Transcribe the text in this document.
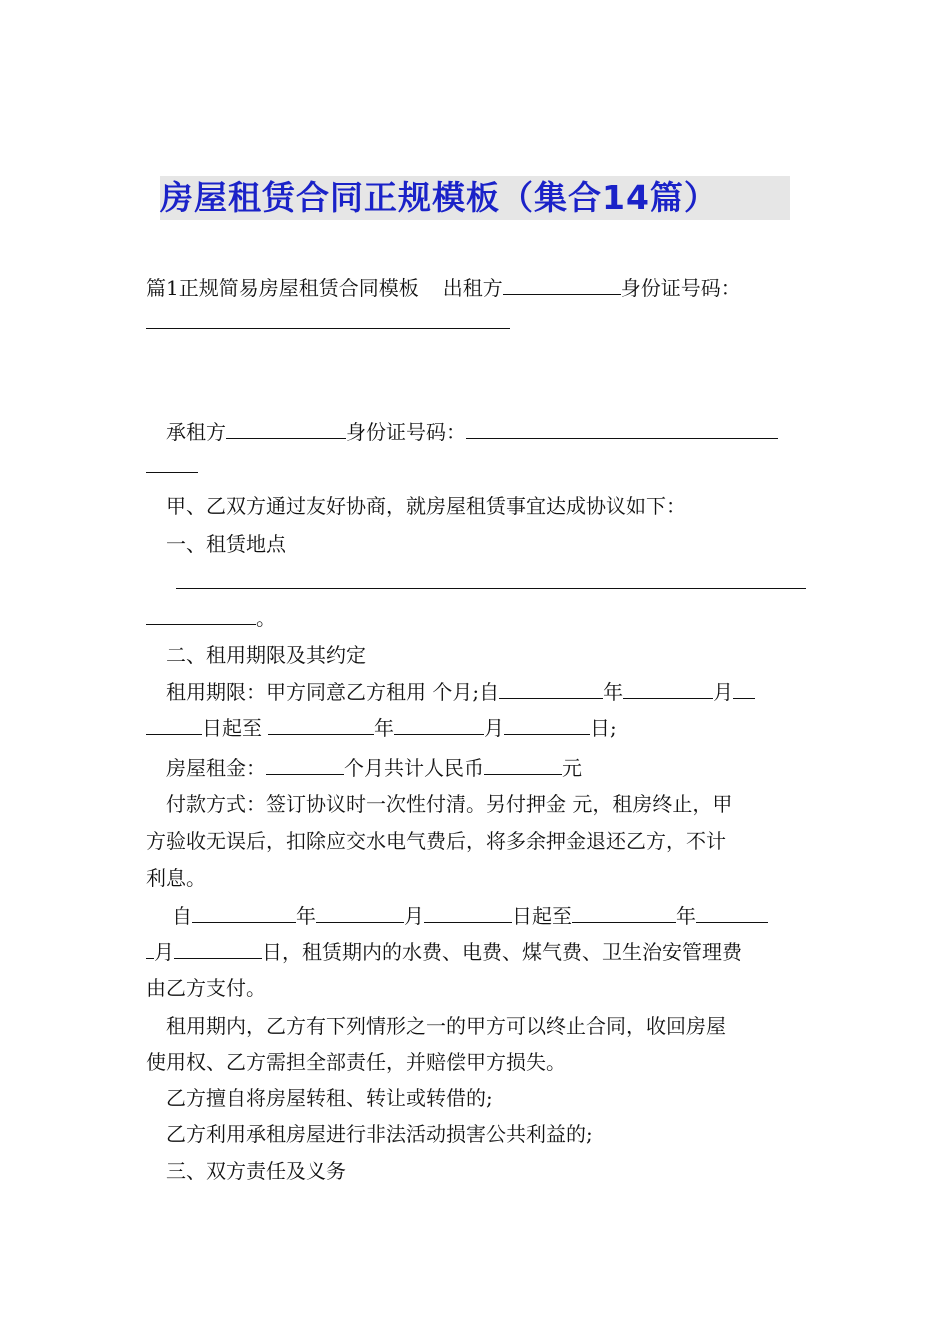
房屋租赁合同正规模板（集合14篇）
篇1正规简易房屋租赁合同模板 出租方	身份证号码：
承租方	身份证号码：
甲、乙双方通过友好协商，就房屋租赁事宜达成协议如下：
一、租赁地点
。
二、租用期限及其约定
租用期限：甲方同意乙方租用 个月;自	年	月
日起至	年	月	日;
房屋租金：	个月共计人民币	元
付款方式：签订协议时一次性付清。另付押金 元，租房终止，甲
方验收无误后，扣除应交水电气费后，将多余押金退还乙方，不计
利息。
自	年	月	日起至	年
月	日，租赁期内的水费、电费、煤气费、卫生治安管理费
由乙方支付。
租用期内，乙方有下列情形之一的甲方可以终止合同，收回房屋
使用权、乙方需担全部责任，并赔偿甲方损失。
乙方擅自将房屋转租、转让或转借的;
乙方利用承租房屋进行非法活动损害公共利益的;
三、双方责任及义务
